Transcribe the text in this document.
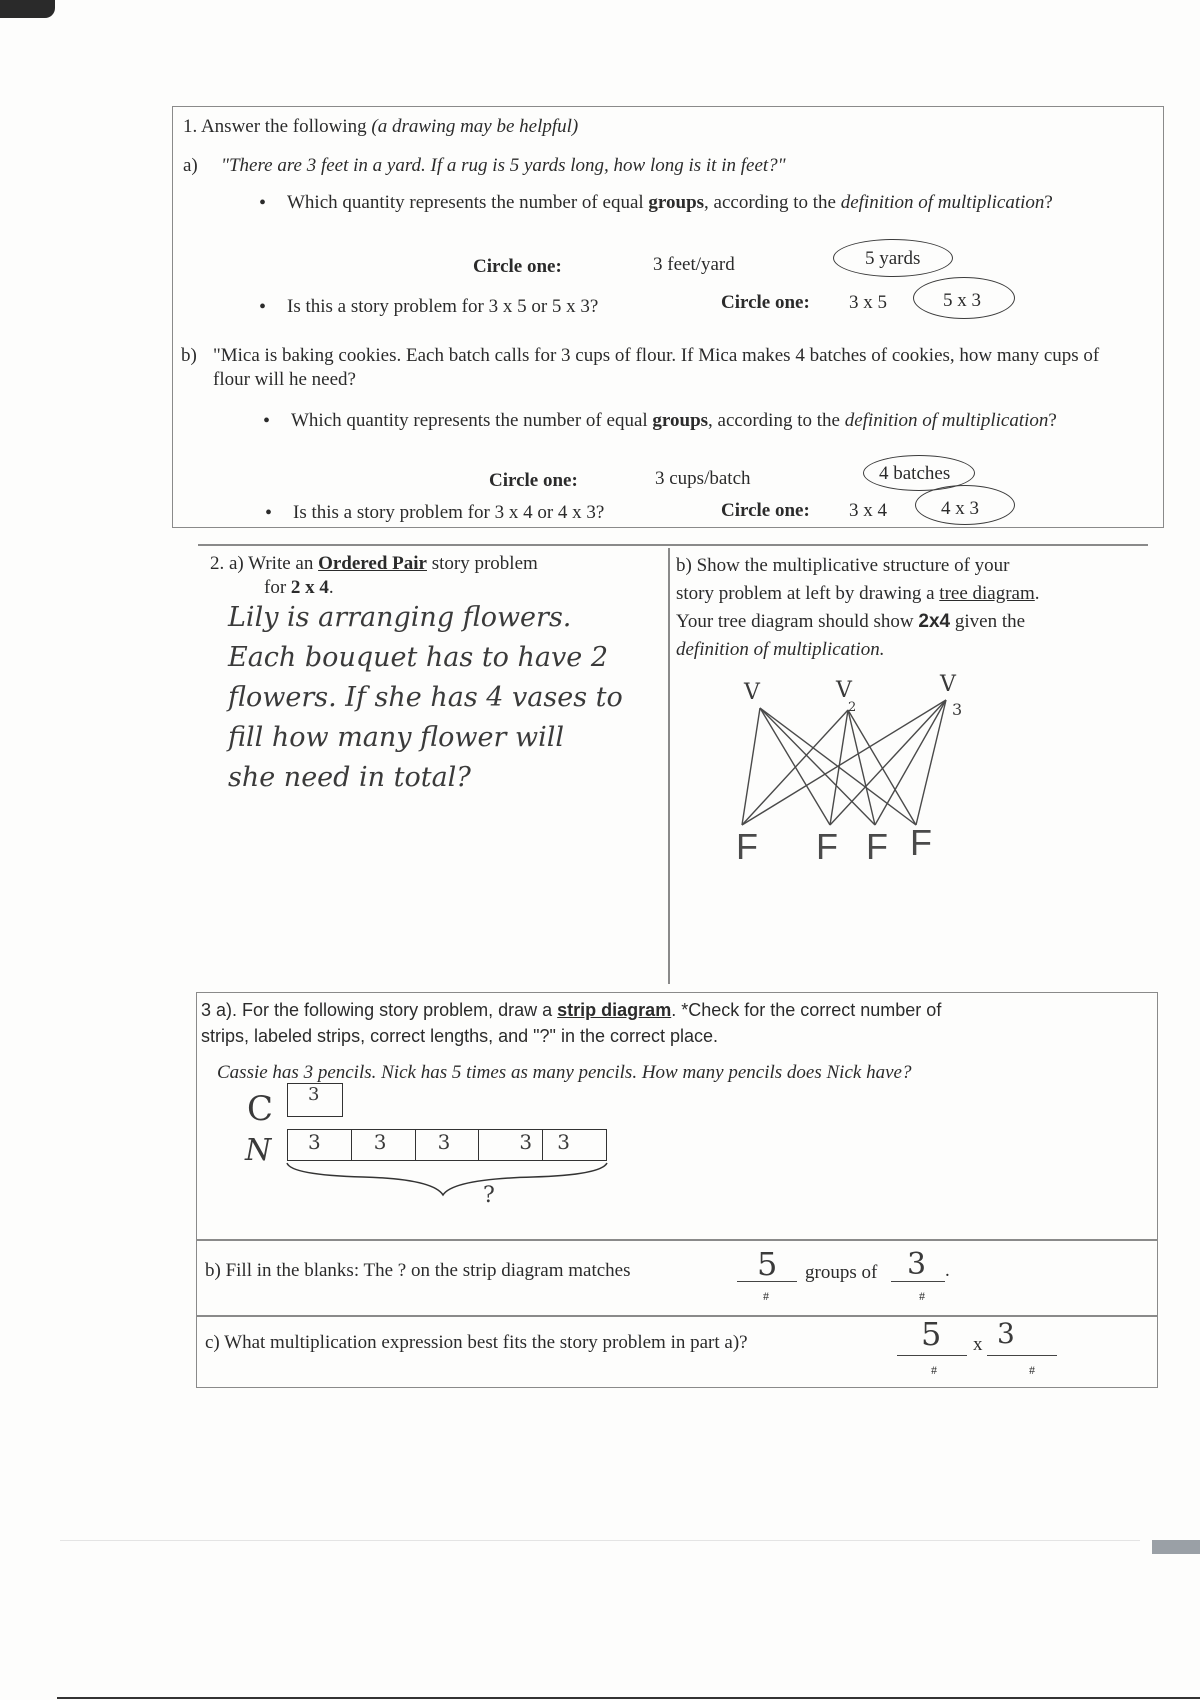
1. Answer the following (a drawing may be helpful)
a) "There are 3 feet in a yard. If a rug is 5 yards long, how long is it in feet?"
• Which quantity represents the number of equal groups, according to the definition of multiplication?
Circle one:	3 feet/yard	5 yards
• Is this a story problem for 3 x 5 or 5 x 3?	Circle one: 3 x 5	5 x 3
b) "Mica is baking cookies. Each batch calls for 3 cups of flour. If Mica makes 4 batches of cookies, how many cups of flour will he need?
• Which quantity represents the number of equal groups, according to the definition of multiplication?
Circle one:	3 cups/batch	4 batches
• Is this a story problem for 3 x 4 or 4 x 3?	Circle one: 3 x 4	4 x 3
2. a) Write an Ordered Pair story problem
for 2 x 4.
Lily is arranging flowers.
Each bouquet has to have 2
flowers. If she has 4 vases to
fill how many flower will
she need in total?
b) Show the multiplicative structure of your
story problem at left by drawing a tree diagram.
Your tree diagram should show 2x4 given the
definition of multiplication.
V	V	V
2	3
F F F F
3 a). For the following story problem, draw a strip diagram. *Check for the correct number of
strips, labeled strips, correct lengths, and "?" in the correct place.
Cassie has 3 pencils. Nick has 5 times as many pencils. How many pencils does Nick have?
C 3
N 3	3	3	3 3
?
b) Fill in the blanks: The ? on the strip diagram matches	5
#
groups of 3 .
#
c) What multiplication expression best fits the story problem in part a)?	5
#
x 3
#
